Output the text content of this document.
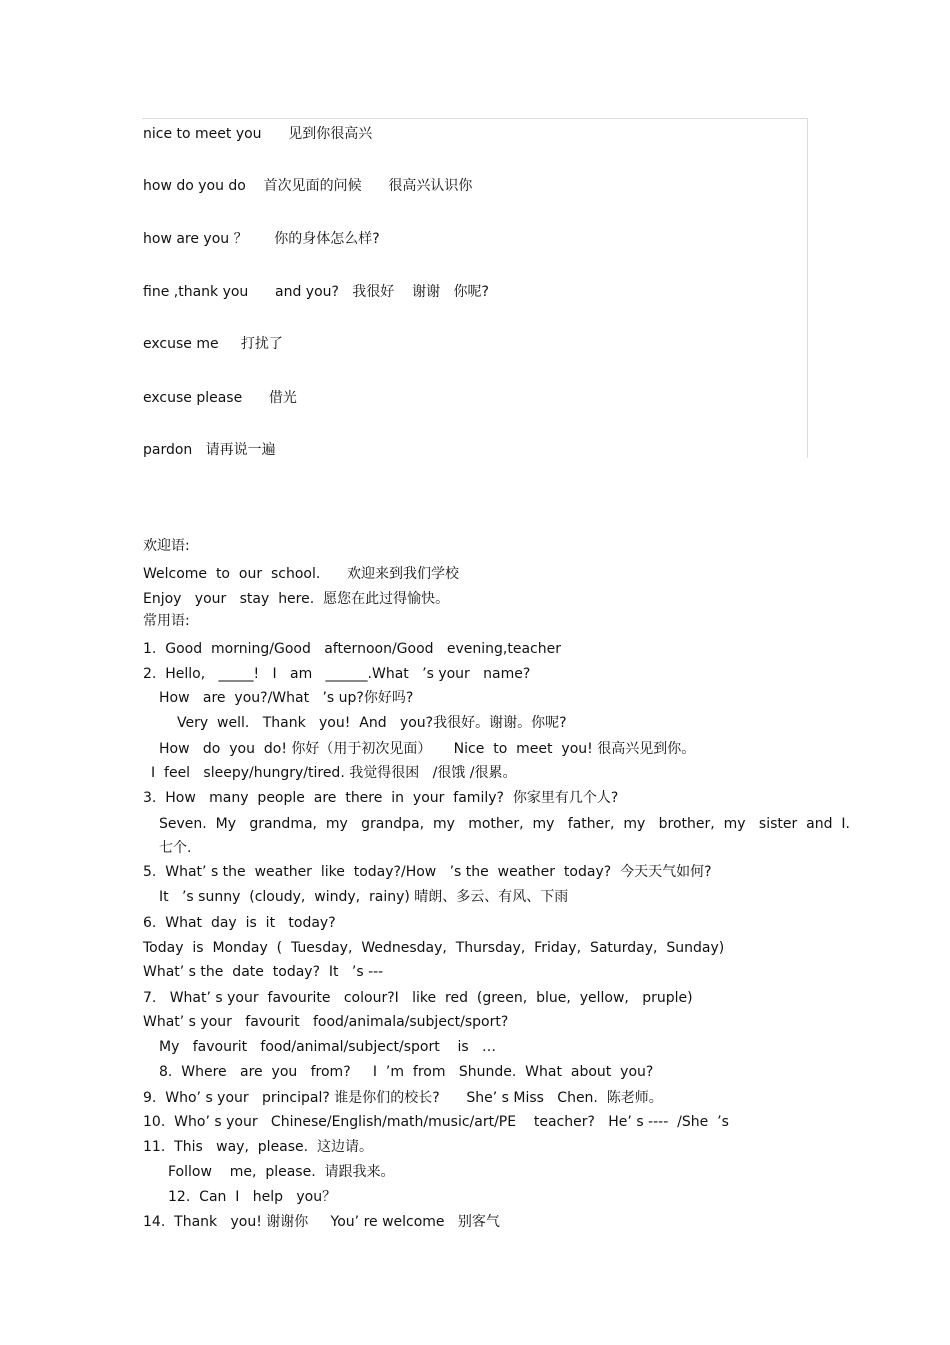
nice to meet you      见到你很高兴
how do you do    首次见面的问候      很高兴认识你
how are you ？      你的身体怎么样?
fine ,thank you      and you?   我很好    谢谢   你呢?
excuse me     打扰了
excuse please      借光
pardon   请再说一遍
欢迎语:
Welcome  to  our  school.      欢迎来到我们学校
Enjoy   your   stay  here.  愿您在此过得愉快。
常用语:
1.  Good  morning/Good   afternoon/Good   evening,teacher
2.  Hello,   _____!   I   am   ______.What   ’s your   name?
How   are  you?/What   ’s up?你好吗?
Very  well.   Thank   you!  And   you?我很好。谢谢。你呢?
How   do  you  do! 你好（用于初次见面）     Nice  to  meet  you! 很高兴见到你。
I  feel   sleepy/hungry/tired. 我觉得很困   /很饿 /很累。
3.  How   many  people  are  there  in  your  family?  你家里有几个人?
Seven.  My   grandma,  my   grandpa,  my   mother,  my   father,  my   brother,  my   sister  and  I.
七个.
5.  What’ s the  weather  like  today?/How   ’s the  weather  today?  今天天气如何?
It   ’s sunny  (cloudy,  windy,  rainy) 晴朗、多云、有风、下雨
6.  What  day  is  it   today?
Today  is  Monday  (  Tuesday,  Wednesday,  Thursday,  Friday,  Saturday,  Sunday)
What’ s the  date  today?  It   ’s ---
7.   What’ s your  favourite   colour?I   like  red  (green,  blue,  yellow,   pruple)
What’ s your   favourit   food/animala/subject/sport?
My   favourit   food/animal/subject/sport    is   …
8.  Where   are  you   from?     I  ’m  from   Shunde.  What  about  you?
9.  Who’ s your   principal? 谁是你们的校长?      She’ s Miss   Chen.  陈老师。
10.  Who’ s your   Chinese/English/math/music/art/PE    teacher?   He’ s ----  /She  ’s
11.  This   way,  please.  这边请。
Follow    me,  please.  请跟我来。
12.  Can  I   help   you？
14.  Thank   you! 谢谢你     You’ re welcome   别客气
